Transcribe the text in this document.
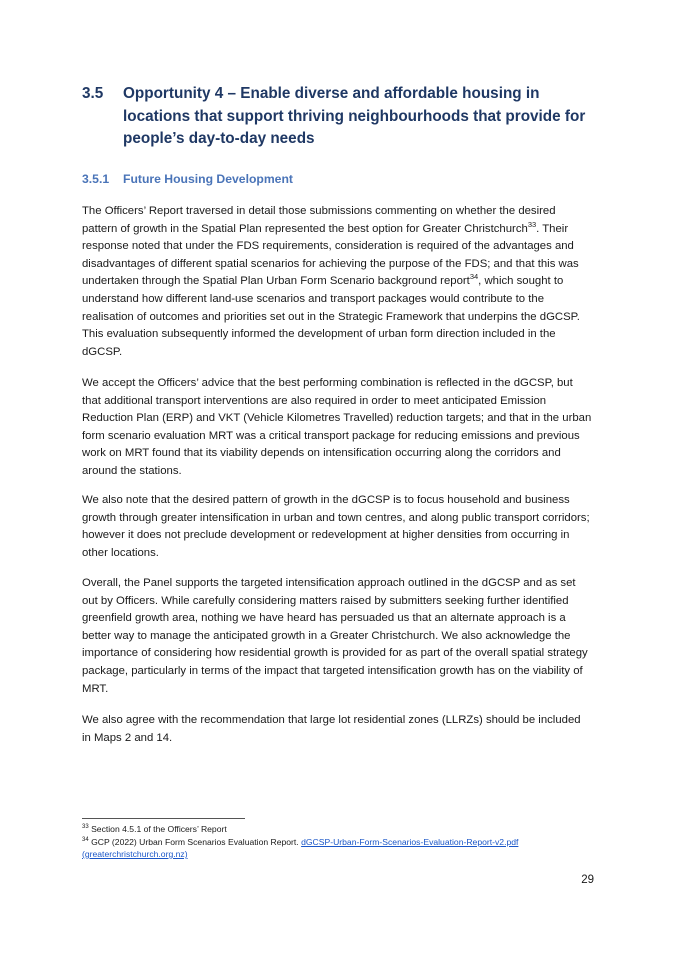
3.5 Opportunity 4 – Enable diverse and affordable housing in locations that support thriving neighbourhoods that provide for people’s day-to-day needs
3.5.1 Future Housing Development

The Officers’ Report traversed in detail those submissions commenting on whether the desired pattern of growth in the Spatial Plan represented the best option for Greater Christchurch$^{33}$. Their response noted that under the FDS requirements, consideration is required of the advantages and disadvantages of different spatial scenarios for achieving the purpose of the FDS; and that this was undertaken through the Spatial Plan Urban Form Scenario background report$^{34}$, which sought to understand how different land-use scenarios and transport packages would contribute to the realisation of outcomes and priorities set out in the Strategic Framework that underpins the dGCSP. This evaluation subsequently informed the development of urban form direction included in the dGCSP.

We accept the Officers’ advice that the best performing combination is reflected in the dGCSP, but that additional transport interventions are also required in order to meet anticipated Emission Reduction Plan (ERP) and VKT (Vehicle Kilometres Travelled) reduction targets; and that in the urban form scenario evaluation MRT was a critical transport package for reducing emissions and previous work on MRT found that its viability depends on intensification occurring along the corridors and around the stations.

We also note that the desired pattern of growth in the dGCSP is to focus household and business growth through greater intensification in urban and town centres, and along public transport corridors; however it does not preclude development or redevelopment at higher densities from occurring in other locations.

Overall, the Panel supports the targeted intensification approach outlined in the dGCSP and as set out by Officers. While carefully considering matters raised by submitters seeking further identified greenfield growth area, nothing we have heard has persuaded us that an alternate approach is a better way to manage the anticipated growth in a Greater Christchurch. We also acknowledge the importance of considering how residential growth is provided for as part of the overall spatial strategy package, particularly in terms of the impact that targeted intensification growth has on the viability of MRT.

We also agree with the recommendation that large lot residential zones (LLRZs) should be included in Maps 2 and 14.

$^{33}$ Section 4.5.1 of the Officers’ Report

$^{34}$ GCP (2022) Urban Form Scenarios Evaluation Report. dGCSP-Urban-Form-Scenarios-Evaluation-Report-v2.pdf (greaterchristchurch.org.nz)

29
